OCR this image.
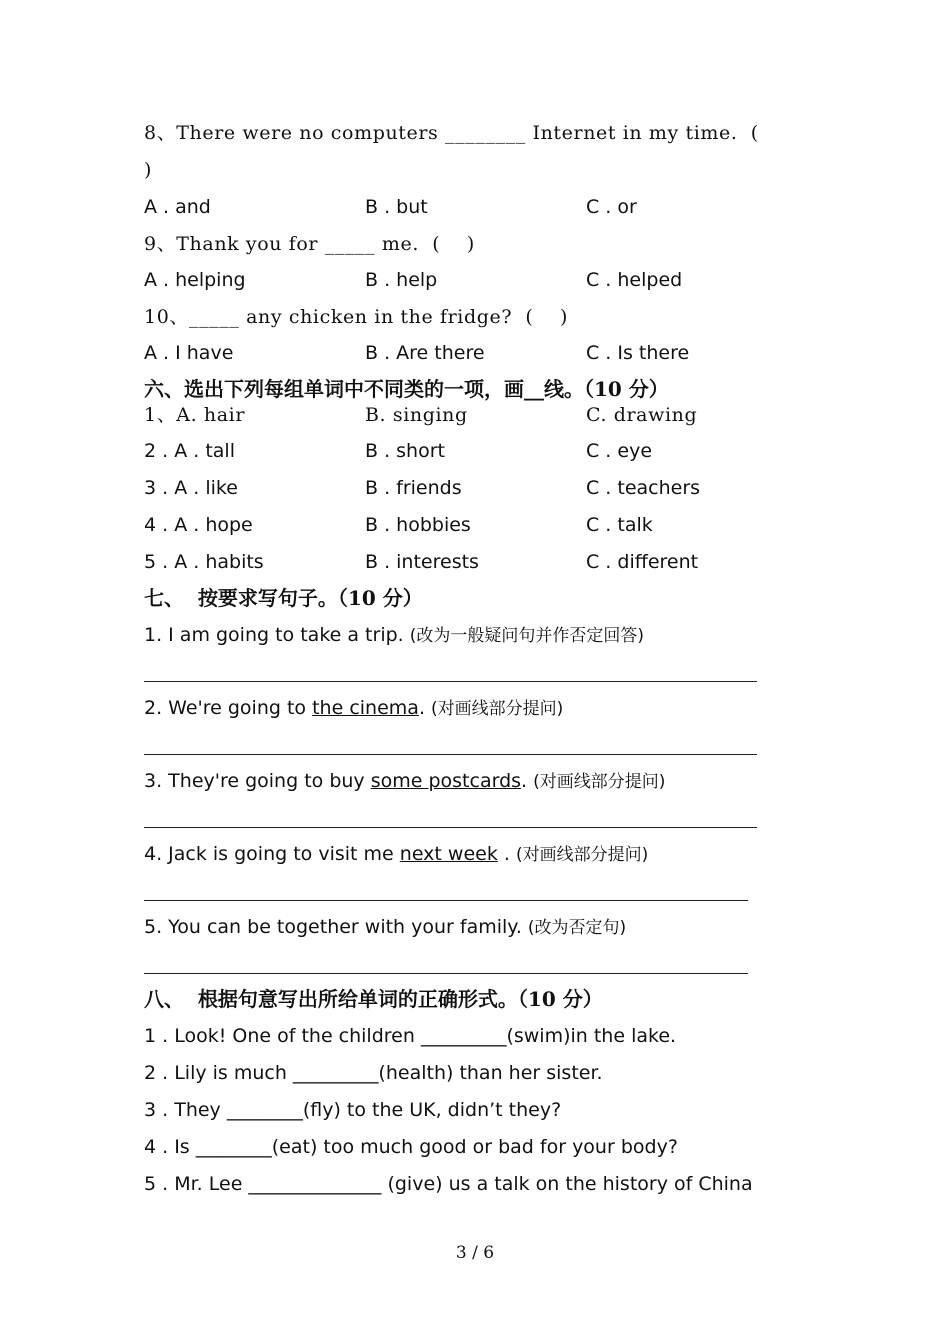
8、There were no computers ________ Internet in my time.  (
)
A . and	B . but	C . or
9、Thank you for _____ me.  (    )
A . helping	B . help	C . helped
10、_____ any chicken in the fridge?  (    )
A . I have	B . Are there	C . Is there
六、选出下列每组单词中不同类的一项，画__线。（10 分）
1、A. hair	B. singing	C. drawing
2 . A . tall	B . short	C . eye
3 . A . like	B . friends	C . teachers
4 . A . hope	B . hobbies	C . talk
5 . A . habits	B . interests	C . different
七、  按要求写句子。（10 分）
1. I am going to take a trip. (改为一般疑问句并作否定回答)
2. We're going to the cinema. (对画线部分提问)
3. They're going to buy some postcards. (对画线部分提问)
4. Jack is going to visit me next week . (对画线部分提问)
5. You can be together with your family. (改为否定句)
八、  根据句意写出所给单词的正确形式。（10 分）
1 . Look! One of the children _________(swim)in the lake.
2 . Lily is much _________(health) than her sister.
3 . They ________(fly) to the UK, didn’t they?
4 . Is ________(eat) too much good or bad for your body?
5 . Mr. Lee ______________ (give) us a talk on the history of China
3 / 6
